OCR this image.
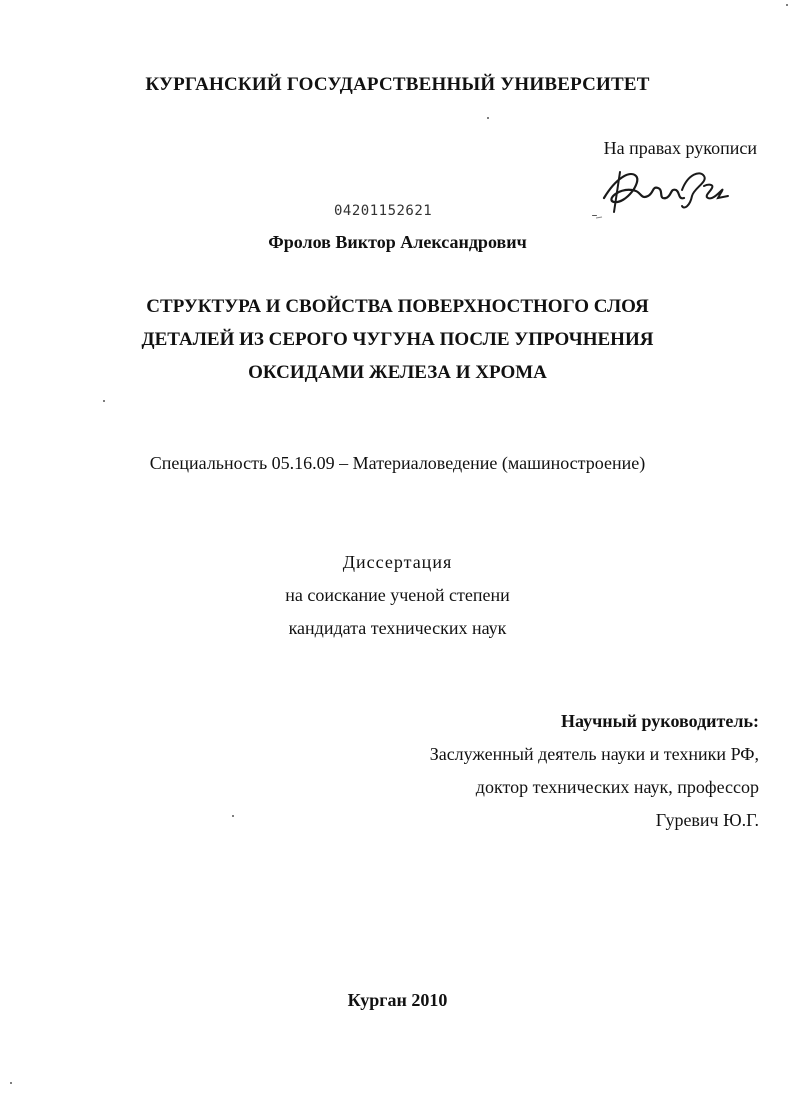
КУРГАНСКИЙ ГОСУДАРСТВЕННЫЙ УНИВЕРСИТЕТ
На правах рукописи
04201152621
Фролов Виктор Александрович
СТРУКТУРА И СВОЙСТВА ПОВЕРХНОСТНОГО СЛОЯ
ДЕТАЛЕЙ ИЗ СЕРОГО ЧУГУНА ПОСЛЕ УПРОЧНЕНИЯ
ОКСИДАМИ ЖЕЛЕЗА И ХРОМА
Специальность 05.16.09 – Материаловедение (машиностроение)
Диссертация
на соискание ученой степени
кандидата технических наук
Научный руководитель:
Заслуженный деятель науки и техники РФ,
доктор технических наук, профессор
Гуревич Ю.Г.
Курган 2010
